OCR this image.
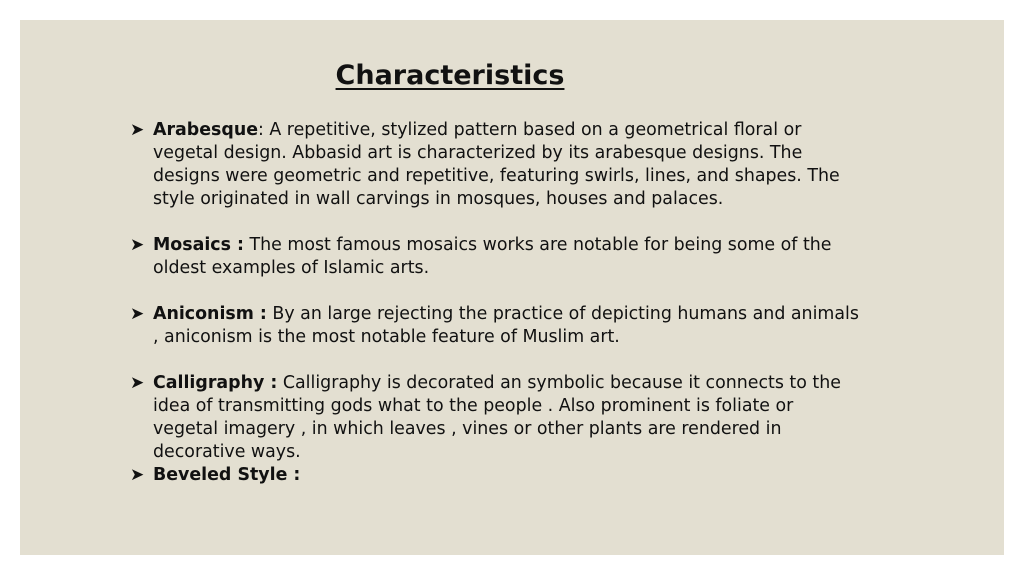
Characteristics
➤ Arabesque: A repetitive, stylized pattern based on a geometrical floral or vegetal design. Abbasid art is characterized by its arabesque designs. The designs were geometric and repetitive, featuring swirls, lines, and shapes. The style originated in wall carvings in mosques, houses and palaces.
➤ Mosaics : The most famous mosaics works are notable for being some of the oldest examples of Islamic arts.
➤ Aniconism : By an large rejecting the practice of depicting humans and animals , aniconism is the most notable feature of Muslim art.
➤ Calligraphy : Calligraphy is decorated an symbolic because it connects to the idea of transmitting gods what to the people . Also prominent is foliate or vegetal imagery , in which leaves , vines or other plants are rendered in decorative ways.
➤ Beveled Style :
